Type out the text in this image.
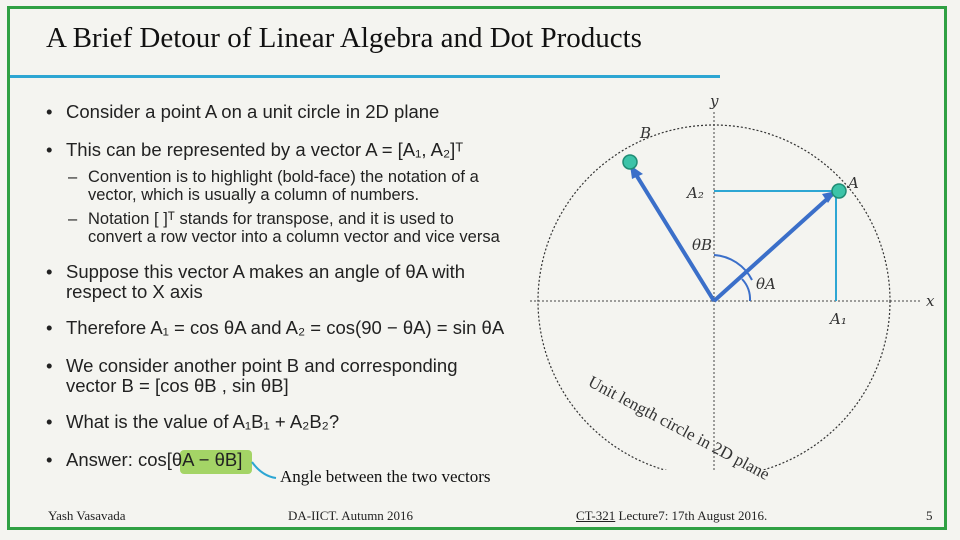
A Brief Detour of Linear Algebra and Dot Products
• Consider a point A on a unit circle in 2D plane
• This can be represented by a vector A = [A₁, A₂]ᵀ
– Convention is to highlight (bold-face) the notation of a
vector, which is usually a column of numbers.
– Notation [ ]ᵀ stands for transpose, and it is used to
convert a row vector into a column vector and vice versa
• Suppose this vector A makes an angle of θA with
respect to X axis
• Therefore A₁ = cos θA and A₂ = cos(90 − θA) = sin θA
• We consider another point B and corresponding
vector B = [cos θB , sin θB]
• What is the value of A₁B₁ + A₂B₂?
• Answer: cos[θA − θB]
Angle between the two vectors
y
x
B
A
A₂
A₁
θB
θA
Unit length circle in 2D plane
Yash Vasavada	DA-IICT. Autumn 2016	CT-321 Lecture7: 17th August 2016.	5
